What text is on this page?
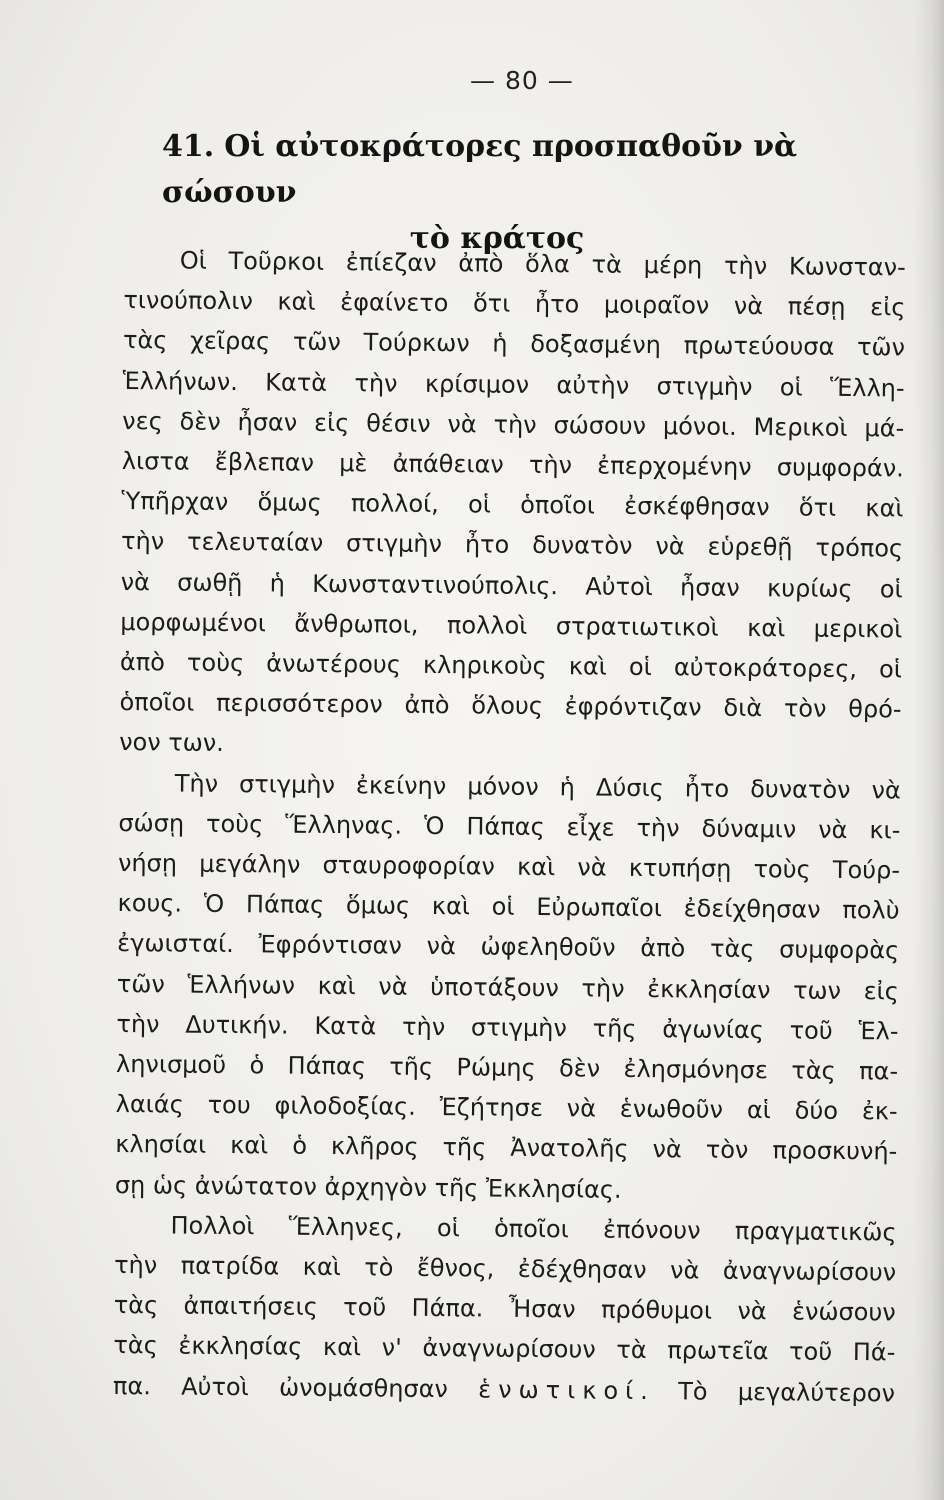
— 80 —
41. Οἱ αὐτοκράτορες προσπαθοῦν νὰ σώσουν
τὸ κράτος
Οἱ Τοῦρκοι ἐπίεζαν ἀπὸ ὅλα τὰ μέρη τὴν Κωνσταν-
τινούπολιν καὶ ἐφαίνετο ὅτι ἦτο μοιραῖον νὰ πέσῃ εἰς
τὰς χεῖρας τῶν Τούρκων ἡ δοξασμένη πρωτεύουσα τῶν
Ἑλλήνων. Κατὰ τὴν κρίσιμον αὐτὴν στιγμὴν οἱ Ἕλλη-
νες δὲν ἦσαν εἰς θέσιν νὰ τὴν σώσουν μόνοι. Μερικοὶ μά-
λιστα ἔβλεπαν μὲ ἀπάθειαν τὴν ἐπερχομένην συμφοράν.
Ὑπῆρχαν ὅμως πολλοί, οἱ ὁποῖοι ἐσκέφθησαν ὅτι καὶ
τὴν τελευταίαν στιγμὴν ἦτο δυνατὸν νὰ εὑρεθῇ τρόπος
νὰ σωθῇ ἡ Κωνσταντινούπολις. Αὐτοὶ ἦσαν κυρίως οἱ
μορφωμένοι ἄνθρωποι, πολλοὶ στρατιωτικοὶ καὶ μερικοὶ
ἀπὸ τοὺς ἀνωτέρους κληρικοὺς καὶ οἱ αὐτοκράτορες, οἱ
ὁποῖοι περισσότερον ἀπὸ ὅλους ἐφρόντιζαν διὰ τὸν θρό-
νον των.
Τὴν στιγμὴν ἐκείνην μόνον ἡ Δύσις ἦτο δυνατὸν νὰ
σώσῃ τοὺς Ἕλληνας. Ὁ Πάπας εἶχε τὴν δύναμιν νὰ κι-
νήσῃ μεγάλην σταυροφορίαν καὶ νὰ κτυπήσῃ τοὺς Τούρ-
κους. Ὁ Πάπας ὅμως καὶ οἱ Εὐρωπαῖοι ἐδείχθησαν πολὺ
ἐγωισταί. Ἐφρόντισαν νὰ ὠφεληθοῦν ἀπὸ τὰς συμφορὰς
τῶν Ἑλλήνων καὶ νὰ ὑποτάξουν τὴν ἐκκλησίαν των εἰς
τὴν Δυτικήν. Κατὰ τὴν στιγμὴν τῆς ἀγωνίας τοῦ Ἑλ-
ληνισμοῦ ὁ Πάπας τῆς Ρώμης δὲν ἐλησμόνησε τὰς πα-
λαιάς του φιλοδοξίας. Ἐζήτησε νὰ ἑνωθοῦν αἱ δύο ἐκ-
κλησίαι καὶ ὁ κλῆρος τῆς Ἀνατολῆς νὰ τὸν προσκυνή-
σῃ ὡς ἀνώτατον ἀρχηγὸν τῆς Ἐκκλησίας.
Πολλοὶ Ἕλληνες, οἱ ὁποῖοι ἐπόνουν πραγματικῶς
τὴν πατρίδα καὶ τὸ ἔθνος, ἐδέχθησαν νὰ ἀναγνωρίσουν
τὰς ἀπαιτήσεις τοῦ Πάπα. Ἦσαν πρόθυμοι νὰ ἑνώσουν
τὰς ἐκκλησίας καὶ ν' ἀναγνωρίσουν τὰ πρωτεῖα τοῦ Πά-
πα. Αὐτοὶ ὠνομάσθησαν ἑνωτικοί. Τὸ μεγαλύτερον
